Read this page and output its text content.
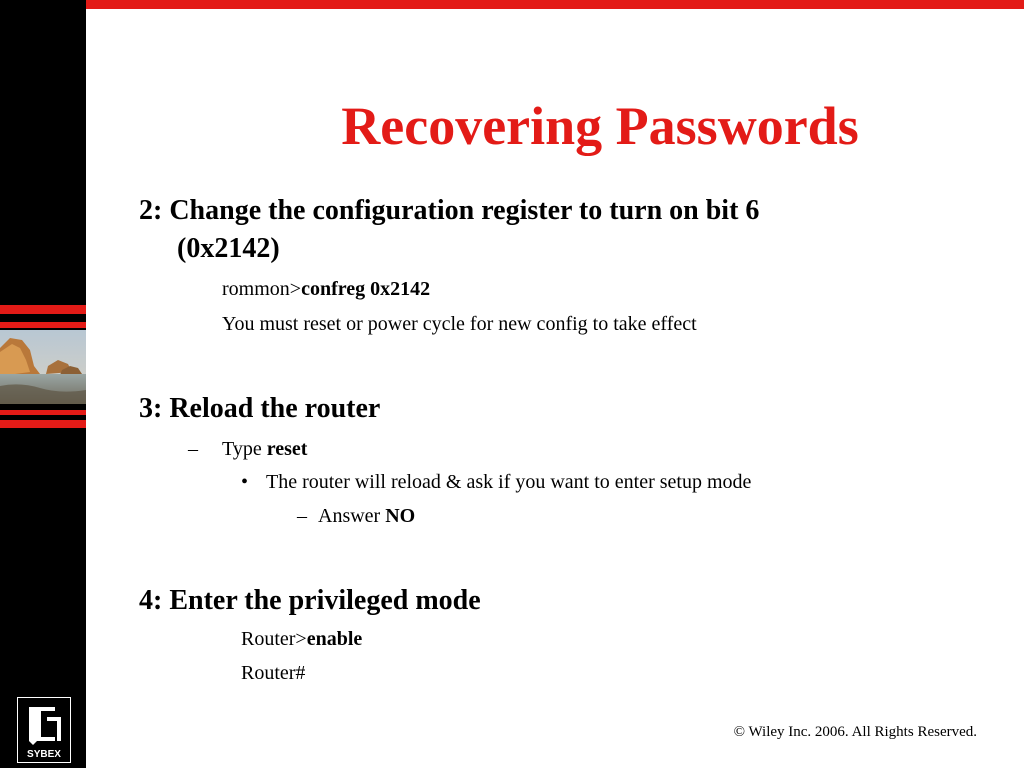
SYBEX
Recovering Passwords

2: Change the configuration register to turn on bit 6

(0x2142)

rommon>confreg 0x2142

You must reset or power cycle for new config to take effect

3: Reload the router

– Type reset

• The router will reload & ask if you want to enter setup mode

– Answer NO

4: Enter the privileged mode

Router>enable

Router#

© Wiley Inc. 2006. All Rights Reserved.
